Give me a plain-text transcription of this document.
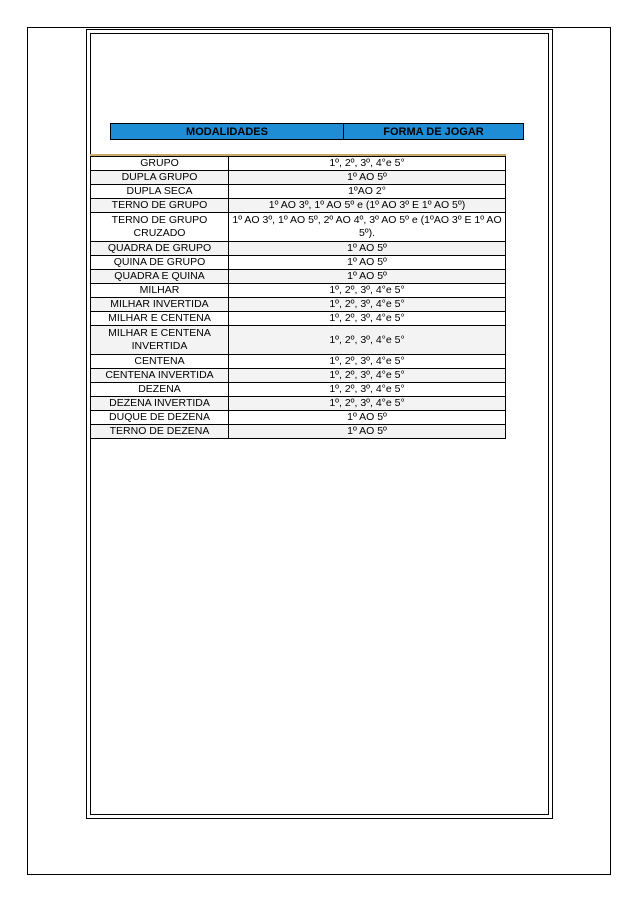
MODALIDADES	FORMA DE JOGAR
GRUPO	1º, 2º, 3º, 4°e 5°
DUPLA GRUPO	1º AO 5º
DUPLA SECA	1ºAO 2°
TERNO DE GRUPO	1º AO 3º, 1º AO 5º e (1º AO 3º E 1º AO 5º)
TERNO DE GRUPO CRUZADO	1º AO 3º, 1º AO 5º, 2º AO 4º, 3º AO 5º e (1ºAO 3º E 1º AO 5º).
QUADRA DE GRUPO	1º AO 5º
QUINA DE GRUPO	1º AO 5º
QUADRA E QUINA	1º AO 5º
MILHAR	1º, 2º, 3º, 4°e 5°
MILHAR INVERTIDA	1º, 2º, 3º, 4°e 5°
MILHAR E CENTENA	1º, 2º, 3º, 4°e 5°
MILHAR E CENTENA INVERTIDA	1º, 2º, 3º, 4°e 5°
CENTENA	1º, 2º, 3º, 4°e 5°
CENTENA INVERTIDA	1º, 2º, 3º, 4°e 5°
DEZENA	1º, 2º, 3º, 4°e 5°
DEZENA INVERTIDA	1º, 2º, 3º, 4°e 5°
DUQUE DE DEZENA	1º AO 5º
TERNO DE DEZENA	1º AO 5º
